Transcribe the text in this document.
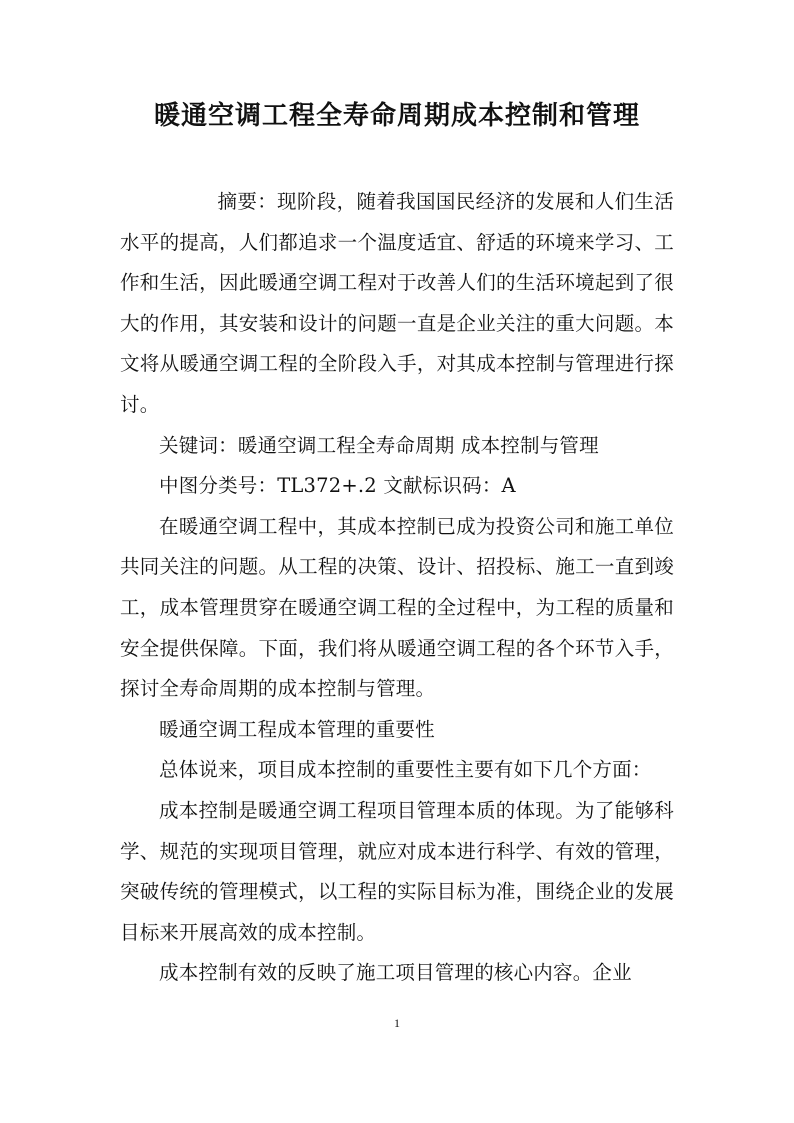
暖通空调工程全寿命周期成本控制和管理

摘要：现阶段，随着我国国民经济的发展和人们生活水平的提高，人们都追求一个温度适宜、舒适的环境来学习、工作和生活，因此暖通空调工程对于改善人们的生活环境起到了很大的作用，其安装和设计的问题一直是企业关注的重大问题。本文将从暖通空调工程的全阶段入手，对其成本控制与管理进行探讨。

关键词：暖通空调工程全寿命周期 成本控制与管理

中图分类号：TL372+.2 文献标识码：A

在暖通空调工程中，其成本控制已成为投资公司和施工单位共同关注的问题。从工程的决策、设计、招投标、施工一直到竣工，成本管理贯穿在暖通空调工程的全过程中，为工程的质量和安全提供保障。下面，我们将从暖通空调工程的各个环节入手，探讨全寿命周期的成本控制与管理。

暖通空调工程成本管理的重要性

总体说来，项目成本控制的重要性主要有如下几个方面：

成本控制是暖通空调工程项目管理本质的体现。为了能够科学、规范的实现项目管理，就应对成本进行科学、有效的管理，突破传统的管理模式，以工程的实际目标为准，围绕企业的发展目标来开展高效的成本控制。

成本控制有效的反映了施工项目管理的核心内容。企业

1
